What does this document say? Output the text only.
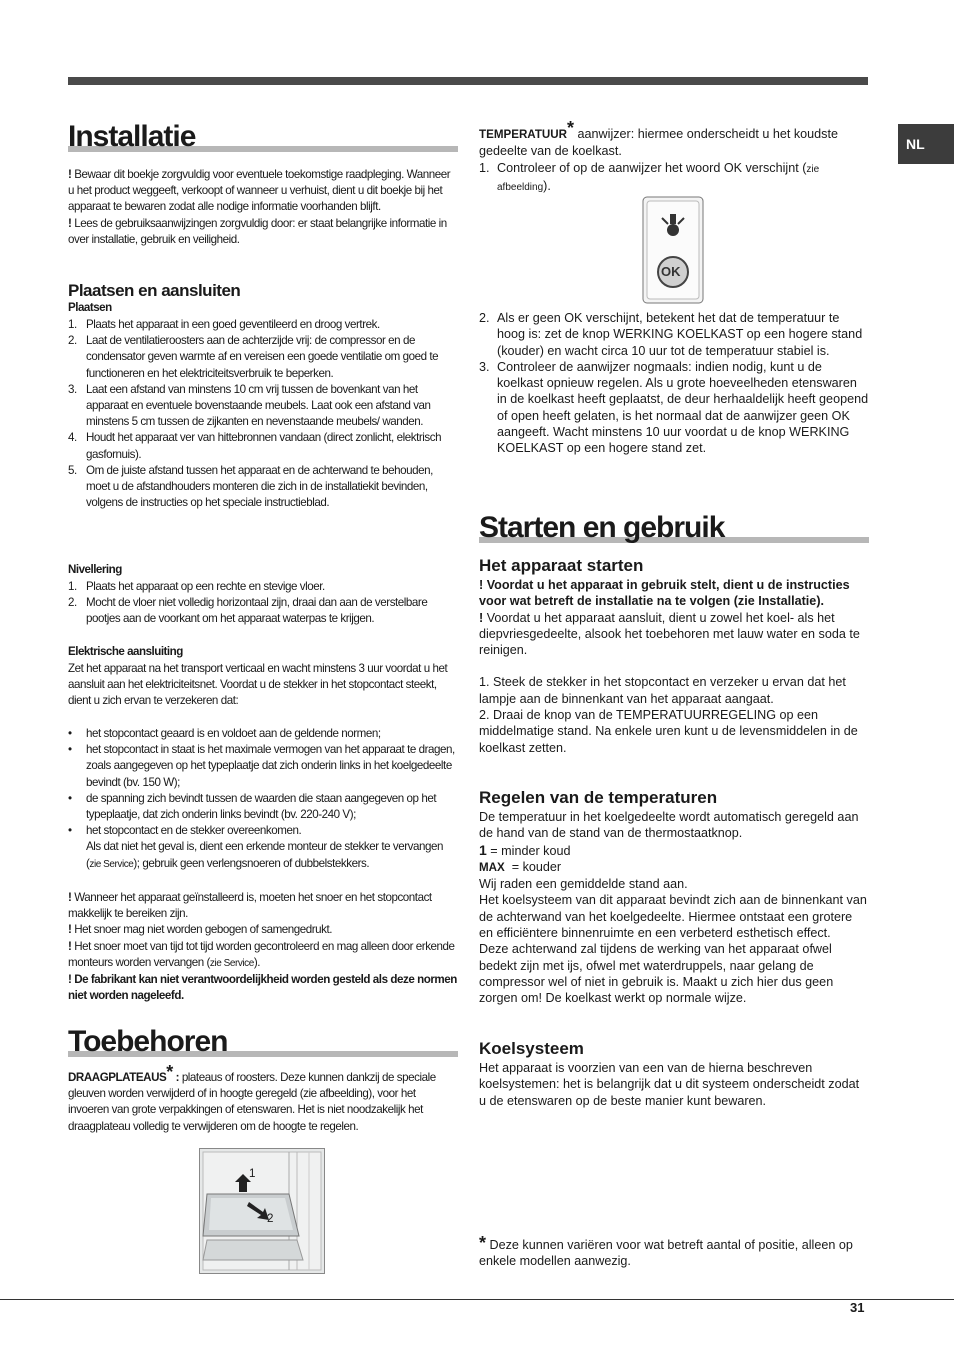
NL
Installatie
! Bewaar dit boekje zorgvuldig voor eventuele toekomstige raadpleging. Wanneer u het product weggeeft, verkoopt of wanneer u verhuist, dient u dit boekje bij het apparaat te bewaren zodat alle nodige informatie voorhanden blijft.
! Lees de gebruiksaanwijzingen zorgvuldig door: er staat belangrijke informatie in over installatie, gebruik en veiligheid.
Plaatsen en aansluiten
Plaatsen
1. Plaats het apparaat in een goed geventileerd en droog vertrek.
2. Laat de ventilatieroosters aan de achterzijde vrij: de compressor en de condensator geven warmte af en vereisen een goede ventilatie om goed te functioneren en het elektriciteitsverbruik te beperken.
3. Laat een afstand van minstens 10 cm vrij tussen de bovenkant van het apparaat en eventuele bovenstaande meubels. Laat ook een afstand van minstens 5 cm tussen de zijkanten en nevenstaande meubels/ wanden.
4. Houdt het apparaat ver van hittebronnen vandaan (direct zonlicht, elektrisch gasfornuis).
5. Om de juiste afstand tussen het apparaat en de achterwand te behouden, moet u de afstandhouders monteren die zich in de installatiekit bevinden, volgens de instructies op het speciale instructieblad.
Nivellering
1. Plaats het apparaat op een rechte en stevige vloer.
2. Mocht de vloer niet volledig horizontaal zijn, draai dan aan de verstelbare pootjes aan de voorkant om het apparaat waterpas te krijgen.
Elektrische aansluiting
Zet het apparaat na het transport verticaal en wacht minstens 3 uur voordat u het aansluit aan het elektriciteitsnet. Voordat u de stekker in het stopcontact steekt, dient u zich ervan te verzekeren dat:
•	het stopcontact geaard is en voldoet aan de geldende normen;
•	het stopcontact in staat is het maximale vermogen van het apparaat te dragen, zoals aangegeven op het typeplaatje dat zich onderin links in het koelgedeelte bevindt (bv. 150 W);
•	de spanning zich bevindt tussen de waarden die staan aangegeven op het typeplaatje, dat zich onderin links bevindt (bv. 220-240 V);
•	het stopcontact en de stekker overeenkomen.
Als dat niet het geval is, dient een erkende monteur de stekker te vervangen (zie Service); gebruik geen verlengsnoeren of dubbelstekkers.
! Wanneer het apparaat geïnstalleerd is, moeten het snoer en het stopcontact makkelijk te bereiken zijn.
! Het snoer mag niet worden gebogen of samengedrukt.
! Het snoer moet van tijd tot tijd worden gecontroleerd en mag alleen door erkende monteurs worden vervangen (zie Service).
! De fabrikant kan niet verantwoordelijkheid worden gesteld als deze normen niet worden nageleefd.
Toebehoren
DRAAGPLATEAUS* : plateaus of roosters. Deze kunnen dankzij de speciale gleuven worden verwijderd of in hoogte geregeld (zie afbeelding), voor het invoeren van grote verpakkingen of etenswaren. Het is niet noodzakelijk het draagplateau volledig te verwijderen om de hoogte te regelen.
1
2
TEMPERATUUR* aanwijzer: hiermee onderscheidt u het koudste gedeelte van de koelkast.
1. Controleer of op de aanwijzer het woord OK verschijnt (zie afbeelding).
OK
2. Als er geen OK verschijnt, betekent het dat de temperatuur te hoog is: zet de knop WERKING KOELKAST op een hogere stand (kouder) en wacht circa 10 uur tot de temperatuur stabiel is.
3. Controleer de aanwijzer nogmaals: indien nodig, kunt u de koelkast opnieuw regelen. Als u grote hoeveelheden etenswaren in de koelkast heeft geplaatst, de deur herhaaldelijk heeft geopend of open heeft gelaten, is het normaal dat de aanwijzer geen OK aangeeft. Wacht minstens 10 uur voordat u de knop WERKING KOELKAST op een hogere stand zet.
Starten en gebruik
Het apparaat starten
! Voordat u het apparaat in gebruik stelt, dient u de instructies voor wat betreft de installatie na te volgen (zie Installatie).
! Voordat u het apparaat aansluit, dient u zowel het koel- als het diepvriesgedeelte, alsook het toebehoren met lauw water en soda te reinigen.
1. Steek de stekker in het stopcontact en verzeker u ervan dat het lampje aan de binnenkant van het apparaat aangaat.
2. Draai de knop van de TEMPERATUURREGELING op een middelmatige stand. Na enkele uren kunt u de levensmiddelen in de koelkast zetten.
Regelen van de temperaturen
De temperatuur in het koelgedeelte wordt automatisch geregeld aan de hand van de stand van de thermostaatknop.
1 = minder koud
MAX  = kouder
Wij raden een gemiddelde stand aan.
Het koelsysteem van dit apparaat bevindt zich aan de binnenkant van de achterwand van het koelgedeelte. Hiermee ontstaat een grotere en efficiëntere binnenruimte en een verbeterd esthetisch effect.
Deze achterwand zal tijdens de werking van het apparaat ofwel bedekt zijn met ijs, ofwel met waterdruppels, naar gelang de compressor wel of niet in gebruik is. Maakt u zich hier dus geen zorgen om! De koelkast werkt op normale wijze.
Koelsysteem
Het apparaat is voorzien van een van de hierna beschreven koelsystemen: het is belangrijk dat u dit systeem onderscheidt zodat u de etenswaren op de beste manier kunt bewaren.
* Deze kunnen variëren voor wat betreft aantal of positie, alleen op enkele modellen aanwezig.
31
